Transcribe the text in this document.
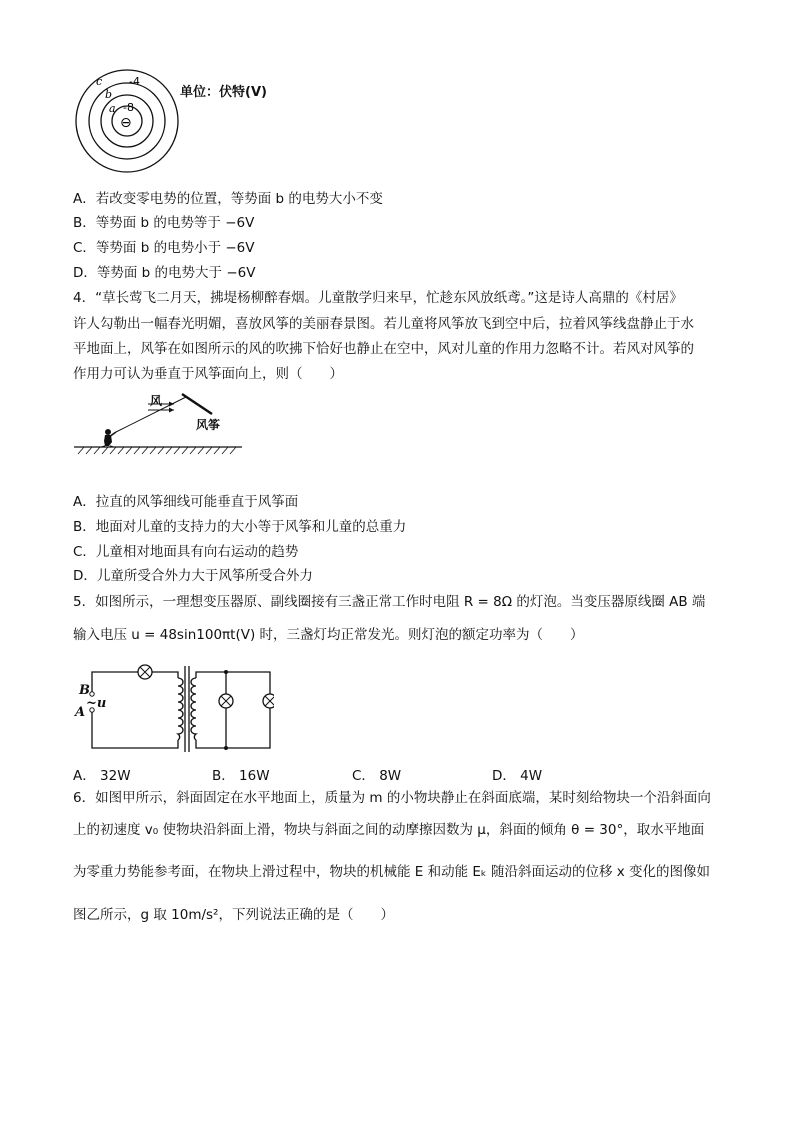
c -4
b
a -8
⊖
单位：伏特(V)
A．若改变零电势的位置，等势面 b 的电势大小不变
B．等势面 b 的电势等于 −6V
C．等势面 b 的电势小于 −6V
D．等势面 b 的电势大于 −6V
4．“草长莺飞二月天，拂堤杨柳醉春烟。儿童散学归来早，忙趁东风放纸鸢。”这是诗人高鼎的《村居》
许人勾勒出一幅春光明媚，喜放风筝的美丽春景图。若儿童将风筝放飞到空中后，拉着风筝线盘静止于水
平地面上，风筝在如图所示的风的吹拂下恰好也静止在空中，风对儿童的作用力忽略不计。若风对风筝的
作用力可认为垂直于风筝面向上，则（　　）
风
风筝
A．拉直的风筝细线可能垂直于风筝面
B．地面对儿童的支持力的大小等于风筝和儿童的总重力
C．儿童相对地面具有向右运动的趋势
D．儿童所受合外力大于风筝所受合外力
5．如图所示，一理想变压器原、副线圈接有三盏正常工作时电阻 R = 8Ω 的灯泡。当变压器原线圈 AB 端
输入电压 u = 48sin100πt(V) 时，三盏灯均正常发光。则灯泡的额定功率为（　　）
B
A
~u
A． 32W	B． 16W	C． 8W	D． 4W
6．如图甲所示，斜面固定在水平地面上，质量为 m 的小物块静止在斜面底端，某时刻给物块一个沿斜面向
上的初速度 v₀ 使物块沿斜面上滑，物块与斜面之间的动摩擦因数为 μ，斜面的倾角 θ = 30°，取水平地面
为零重力势能参考面，在物块上滑过程中，物块的机械能 E 和动能 Eₖ 随沿斜面运动的位移 x 变化的图像如
图乙所示，g 取 10m/s²，下列说法正确的是（　　）
